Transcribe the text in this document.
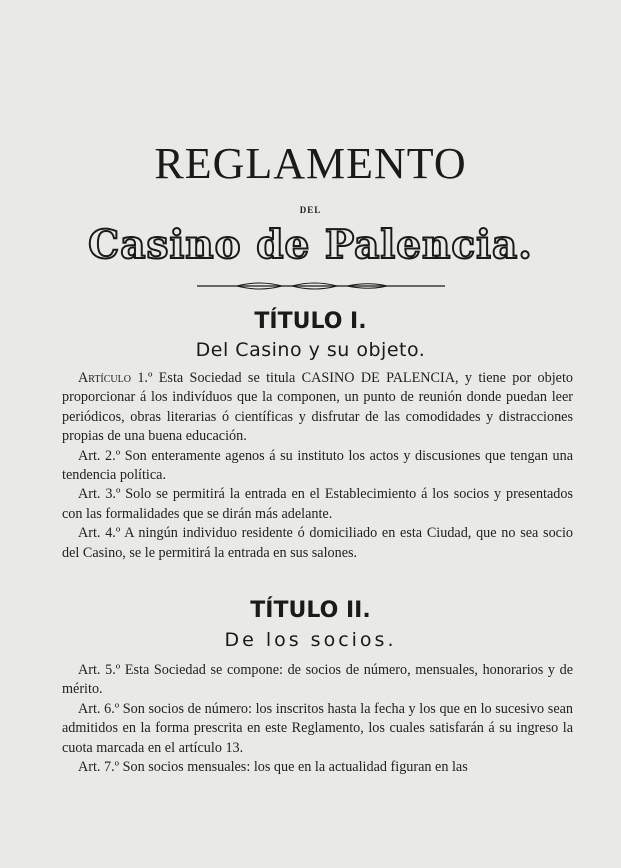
REGLAMENTO
DEL
Casino de Palencia.
TÍTULO I.
Del Casino y su objeto.

Artículo 1.º Esta Sociedad se titula CASINO DE PALENCIA, y tiene por objeto proporcionar á los indivíduos que la componen, un punto de reunión donde puedan leer periódicos, obras literarias ó científicas y disfrutar de las comodidades y distracciones propias de una buena educación.

Art. 2.º Son enteramente agenos á su instituto los actos y discusiones que tengan una tendencia política.

Art. 3.º Solo se permitirá la entrada en el Establecimiento á los socios y presentados con las formalidades que se dirán más adelante.

Art. 4.º A ningún individuo residente ó domiciliado en esta Ciudad, que no sea socio del Casino, se le permitirá la entrada en sus salones.

TÍTULO II.
De los socios.

Art. 5.º Esta Sociedad se compone: de socios de número, mensuales, honorarios y de mérito.

Art. 6.º Son socios de número: los inscritos hasta la fecha y los que en lo sucesivo sean admitidos en la forma prescrita en este Reglamento, los cuales satisfarán á su ingreso la cuota marcada en el artículo 13.

Art. 7.º Son socios mensuales: los que en la actualidad figuran en las
